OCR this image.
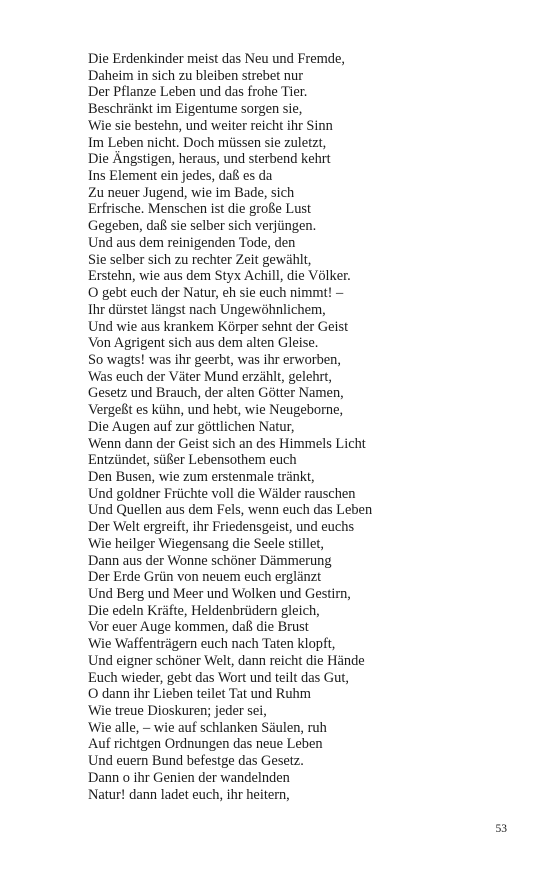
Die Erdenkinder meist das Neu und Fremde,
Daheim in sich zu bleiben strebet nur
Der Pflanze Leben und das frohe Tier.
Beschränkt im Eigentume sorgen sie,
Wie sie bestehn, und weiter reicht ihr Sinn
Im Leben nicht. Doch müssen sie zuletzt,
Die Ängstigen, heraus, und sterbend kehrt
Ins Element ein jedes, daß es da
Zu neuer Jugend, wie im Bade, sich
Erfrische. Menschen ist die große Lust
Gegeben, daß sie selber sich verjüngen.
Und aus dem reinigenden Tode, den
Sie selber sich zu rechter Zeit gewählt,
Erstehn, wie aus dem Styx Achill, die Völker.
O gebt euch der Natur, eh sie euch nimmt! –
Ihr dürstet längst nach Ungewöhnlichem,
Und wie aus krankem Körper sehnt der Geist
Von Agrigent sich aus dem alten Gleise.
So wagts! was ihr geerbt, was ihr erworben,
Was euch der Väter Mund erzählt, gelehrt,
Gesetz und Brauch, der alten Götter Namen,
Vergeßt es kühn, und hebt, wie Neugeborne,
Die Augen auf zur göttlichen Natur,
Wenn dann der Geist sich an des Himmels Licht
Entzündet, süßer Lebensothem euch
Den Busen, wie zum erstenmale tränkt,
Und goldner Früchte voll die Wälder rauschen
Und Quellen aus dem Fels, wenn euch das Leben
Der Welt ergreift, ihr Friedensgeist, und euchs
Wie heilger Wiegensang die Seele stillet,
Dann aus der Wonne schöner Dämmerung
Der Erde Grün von neuem euch erglänzt
Und Berg und Meer und Wolken und Gestirn,
Die edeln Kräfte, Heldenbrüdern gleich,
Vor euer Auge kommen, daß die Brust
Wie Waffenträgern euch nach Taten klopft,
Und eigner schöner Welt, dann reicht die Hände
Euch wieder, gebt das Wort und teilt das Gut,
O dann ihr Lieben teilet Tat und Ruhm
Wie treue Dioskuren; jeder sei,
Wie alle, – wie auf schlanken Säulen, ruh
Auf richtgen Ordnungen das neue Leben
Und euern Bund befestge das Gesetz.
Dann o ihr Genien der wandelnden
Natur! dann ladet euch, ihr heitern,
53
